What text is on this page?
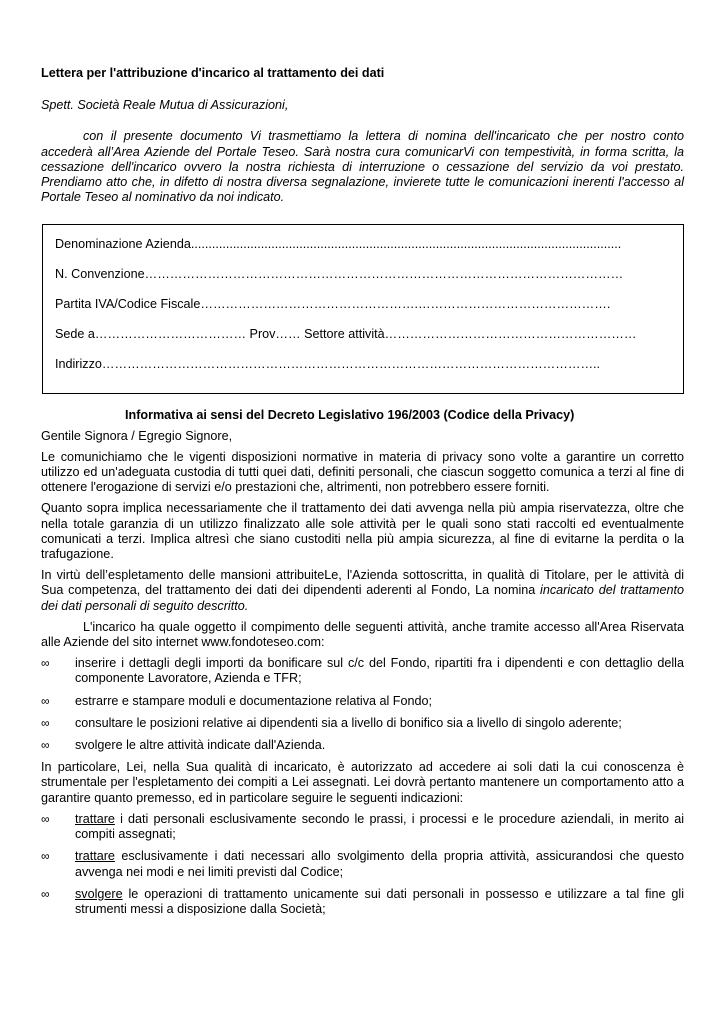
Lettera per l'attribuzione d'incarico al trattamento dei dati
Spett. Società Reale Mutua di Assicurazioni,
con il presente documento Vi trasmettiamo la lettera di nomina dell'incaricato che per nostro conto accederà all’Area Aziende del Portale Teseo. Sarà nostra cura comunicarVi con tempestività, in forma scritta, la cessazione dell'incarico ovvero la nostra richiesta di interruzione o cessazione del servizio da voi prestato. Prendiamo atto che, in difetto di nostra diversa segnalazione, invierete tutte le comunicazioni inerenti l'accesso al Portale Teseo al nominativo da noi indicato.
Denominazione Azienda...........................................................................................................................
N. Convenzione……………………………………………………………………………………………………
Partita IVA/Codice Fiscale…………………………………………….……………………………………….
Sede a……………………………… Prov…… Settore attività……………………………………………………
Indirizzo………………………………………………………………………………………………………..
Informativa ai sensi del Decreto Legislativo 196/2003 (Codice della Privacy)

Gentile Signora / Egregio Signore,

Le comunichiamo che le vigenti disposizioni normative in materia di privacy sono volte a garantire un corretto utilizzo ed un'adeguata custodia di tutti quei dati, definiti personali, che ciascun soggetto comunica a terzi al fine di ottenere l'erogazione di servizi e/o prestazioni che, altrimenti, non potrebbero essere forniti.

Quanto sopra implica necessariamente che il trattamento dei dati avvenga nella più ampia riservatezza, oltre che nella totale garanzia di un utilizzo finalizzato alle sole attività per le quali sono stati raccolti ed eventualmente comunicati a terzi. Implica altresì che siano custoditi nella più ampia sicurezza, al fine di evitarne la perdita o la trafugazione.

In virtù dell’espletamento delle mansioni attribuiteLe, l'Azienda sottoscritta, in qualità di Titolare, per le attività di Sua competenza, del trattamento dei dati dei dipendenti aderenti al Fondo, La nomina incaricato del trattamento dei dati personali di seguito descritto.

L'incarico ha quale oggetto il compimento delle seguenti attività, anche tramite accesso all'Area Riservata alle Aziende del sito internet www.fondoteseo.com:

∞ inserire i dettagli degli importi da bonificare sul c/c del Fondo, ripartiti fra i dipendenti e con dettaglio della componente Lavoratore, Azienda e TFR;
∞ estrarre e stampare moduli e documentazione relativa al Fondo;
∞ consultare le posizioni relative ai dipendenti sia a livello di bonifico sia a livello di singolo aderente;
∞ svolgere le altre attività indicate dall'Azienda.

In particolare, Lei, nella Sua qualità di incaricato, è autorizzato ad accedere ai soli dati la cui conoscenza è strumentale per l'espletamento dei compiti a Lei assegnati. Lei dovrà pertanto mantenere un comportamento atto a garantire quanto premesso, ed in particolare seguire le seguenti indicazioni:

∞ trattare i dati personali esclusivamente secondo le prassi, i processi e le procedure aziendali, in merito ai compiti assegnati;
∞ trattare esclusivamente i dati necessari allo svolgimento della propria attività, assicurandosi che questo avvenga nei modi e nei limiti previsti dal Codice;
∞ svolgere le operazioni di trattamento unicamente sui dati personali in possesso e utilizzare a tal fine gli strumenti messi a disposizione dalla Società;
